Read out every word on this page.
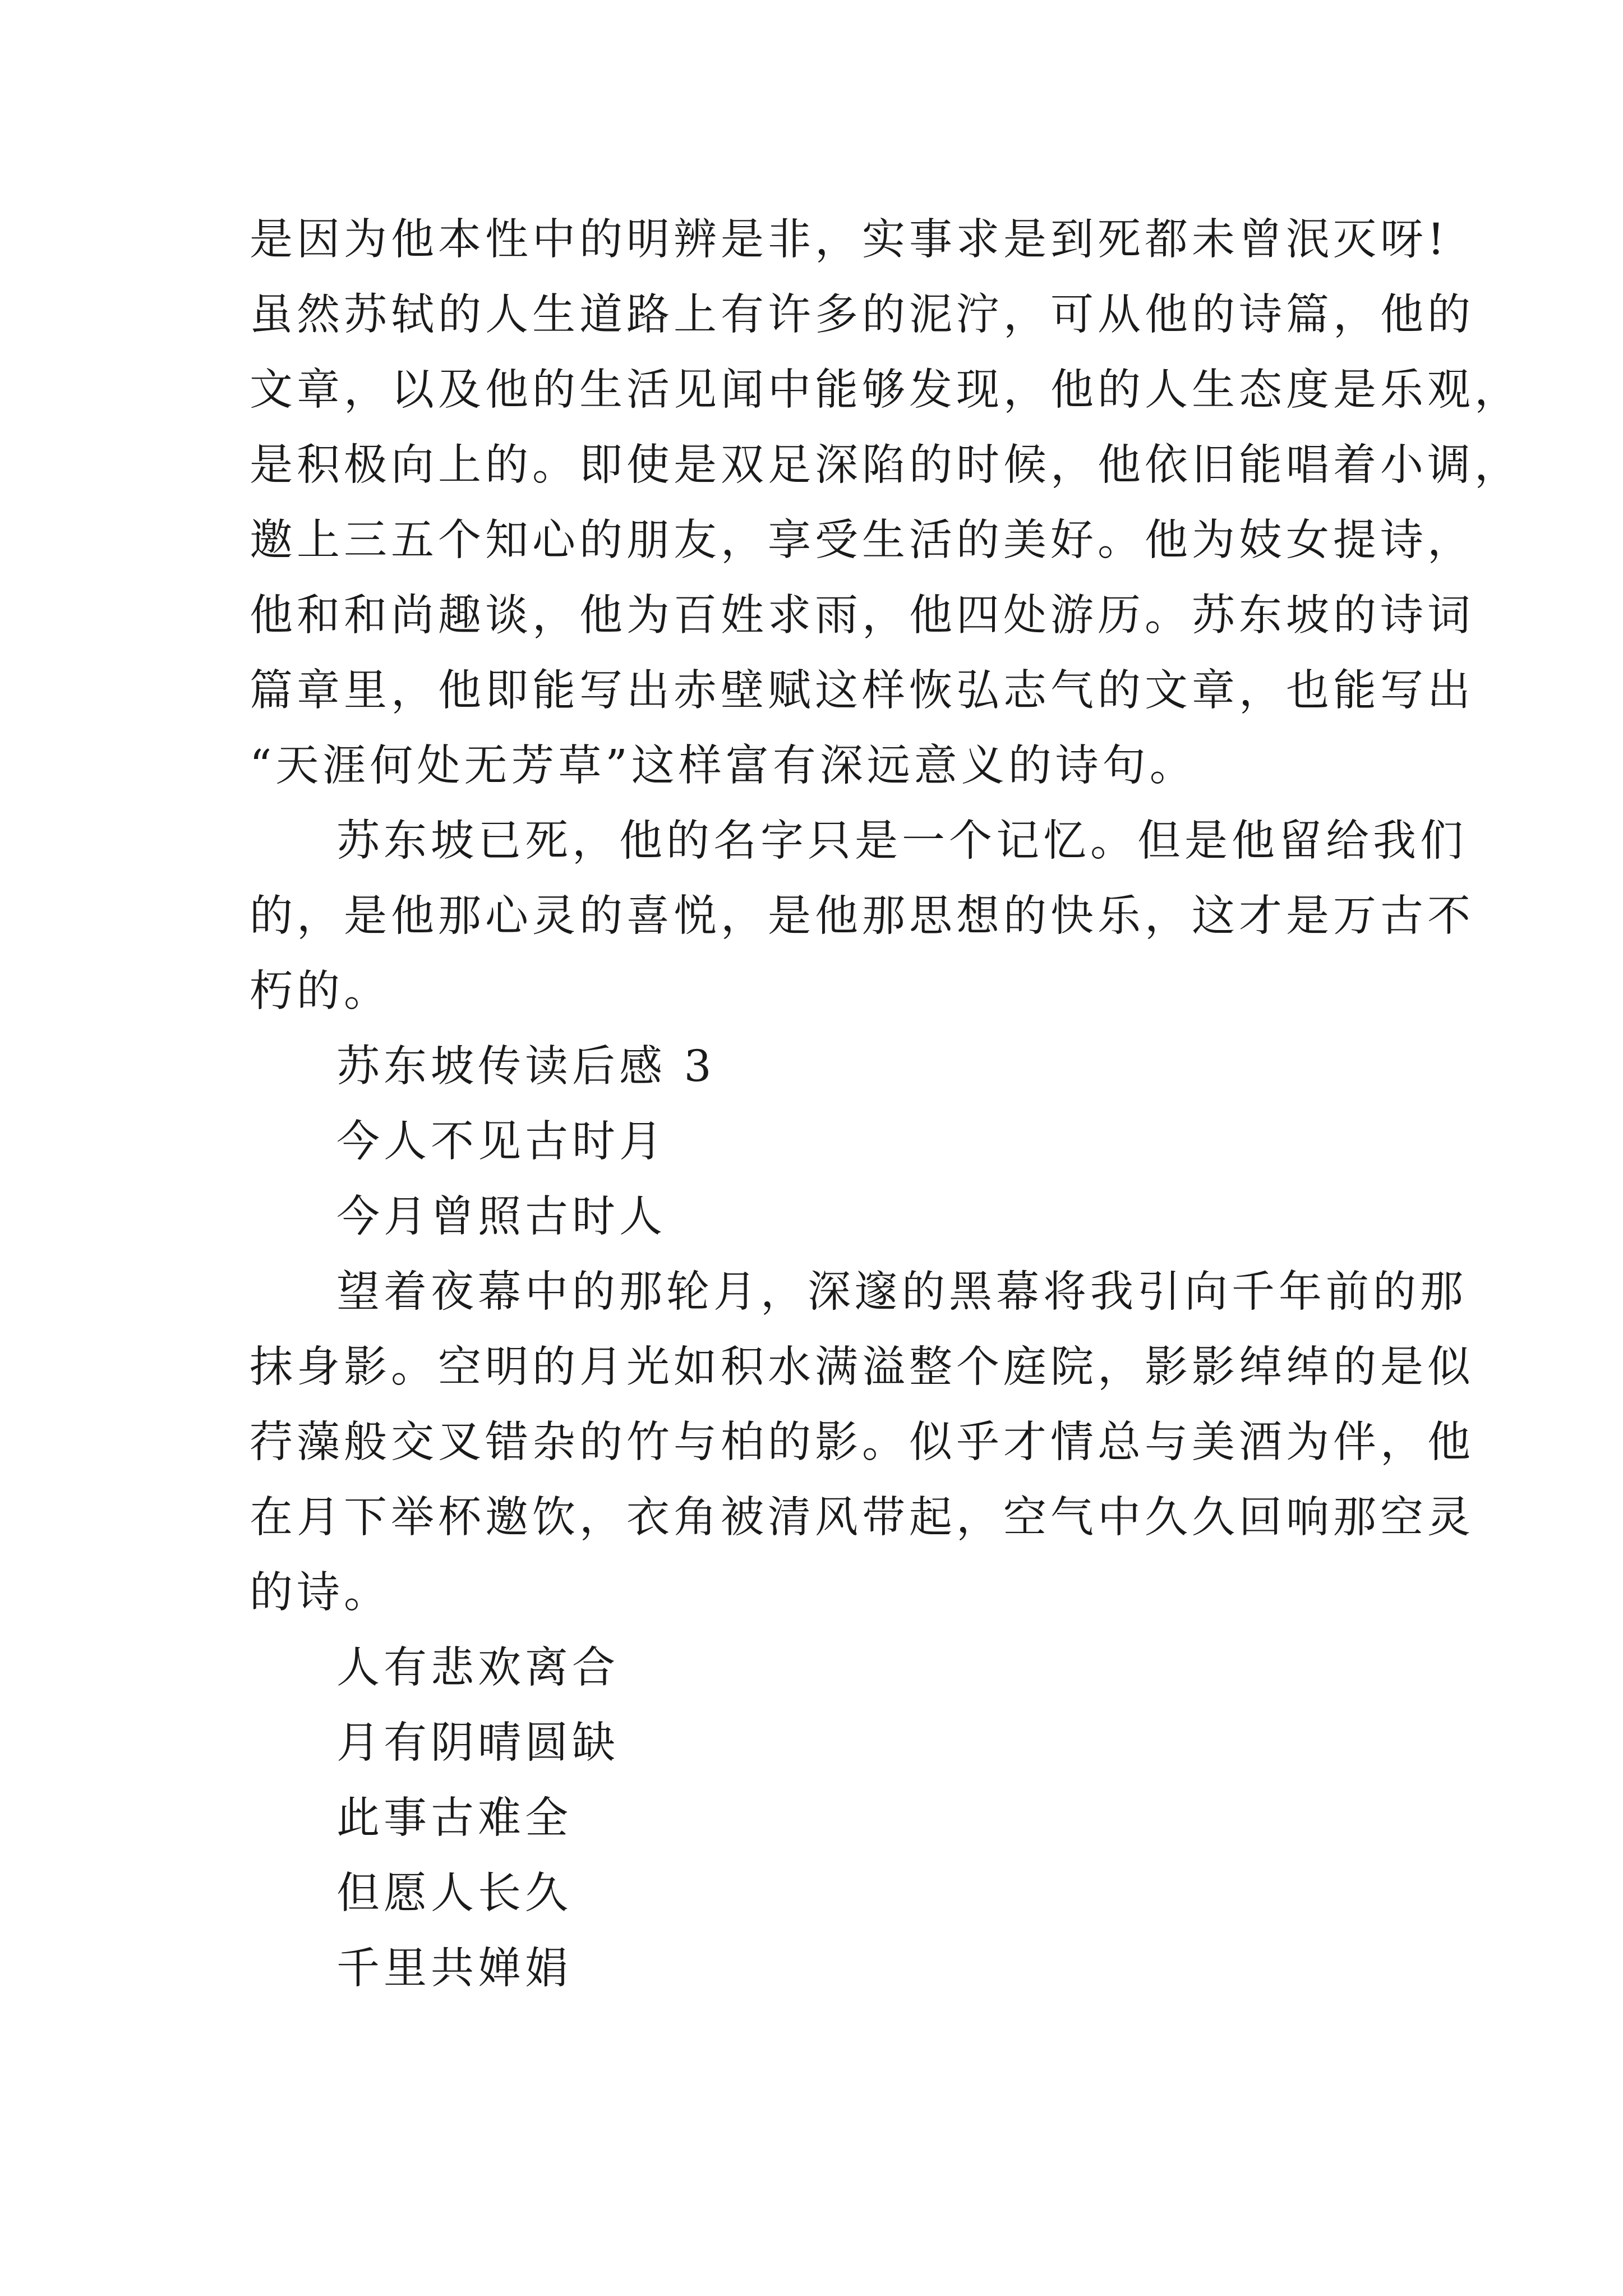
是因为他本性中的明辨是非，实事求是到死都未曾泯灭呀!

虽然苏轼的人生道路上有许多的泥泞，可从他的诗篇，他的

文章，以及他的生活见闻中能够发现，他的人生态度是乐观，

是积极向上的。即使是双足深陷的时候，他依旧能唱着小调，

邀上三五个知心的朋友，享受生活的美好。他为妓女提诗，

他和和尚趣谈，他为百姓求雨，他四处游历。苏东坡的诗词

篇章里，他即能写出赤壁赋这样恢弘志气的文章，也能写出

“天涯何处无芳草”这样富有深远意义的诗句。

苏东坡已死，他的名字只是一个记忆。但是他留给我们

的，是他那心灵的喜悦，是他那思想的快乐，这才是万古不

朽的。

苏东坡传读后感 3

今人不见古时月

今月曾照古时人

望着夜幕中的那轮月，深邃的黑幕将我引向千年前的那

抹身影。空明的月光如积水满溢整个庭院，影影绰绰的是似

荇藻般交叉错杂的竹与柏的影。似乎才情总与美酒为伴，他

在月下举杯邀饮，衣角被清风带起，空气中久久回响那空灵

的诗。

人有悲欢离合

月有阴晴圆缺

此事古难全

但愿人长久

千里共婵娟
